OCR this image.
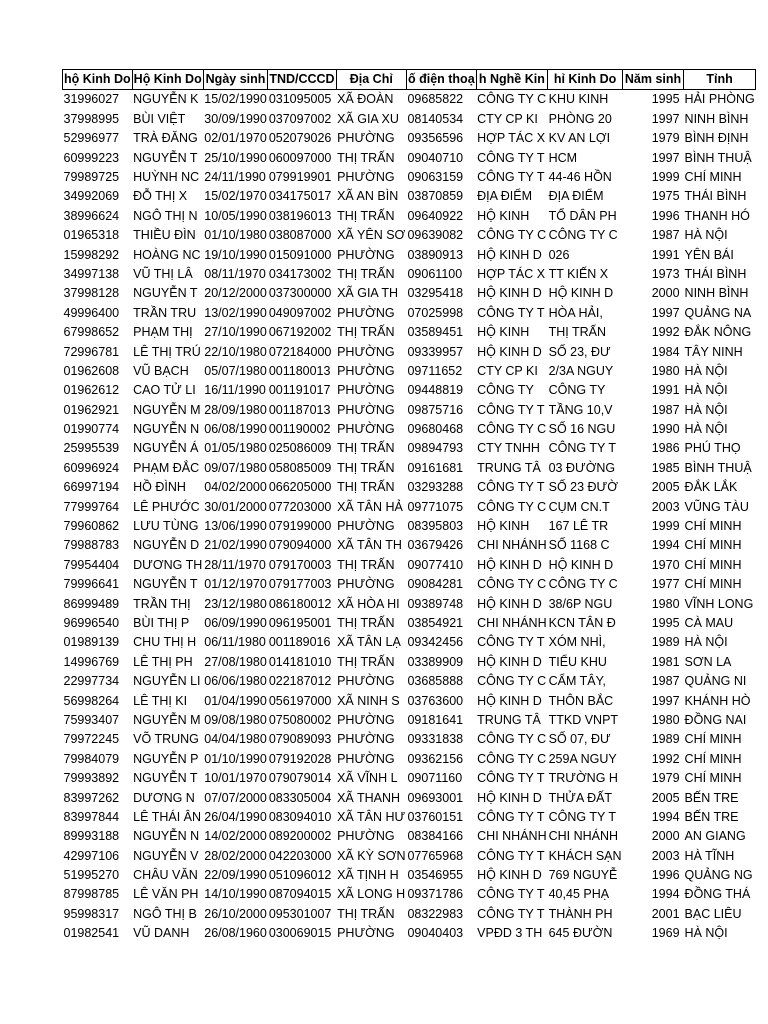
hộ Kinh Do	Hộ Kinh Do	Ngày sinh	TND/CCCD	Địa Chỉ	ố điện thoạ	h Nghề Kin	hỉ Kinh Do	Năm sinh	Tỉnh
31996027	NGUYỄN K	15/02/1990	031095005	XÃ ĐOÀN	09685822	CÔNG TY C	KHU KINH	1995	HẢI PHÒNG
37998995	BÙI VIỆT	30/09/1990	037097002	XÃ GIA XU	08140534	CTY CP KI	PHÒNG 20	1997	NINH BÌNH
52996977	TRÀ ĐĂNG	02/01/1970	052079026	PHƯỜNG	09356596	HỢP TÁC X	KV AN LỢI	1979	BÌNH ĐỊNH
60999223	NGUYỄN T	25/10/1990	060097000	THỊ TRẤN	09040710	CÔNG TY T	HCM	1997	BÌNH THUẬ
79989725	HUỲNH NC	24/11/1990	079919901	PHƯỜNG	09063159	CÔNG TY T	44-46 HỒN	1999	CHÍ MINH
34992069	ĐỖ THỊ X	15/02/1970	034175017	XÃ AN BÌN	03870859	ĐỊA ĐIỂM	ĐỊA ĐIỂM	1975	THÁI BÌNH
38996624	NGÔ THỊ N	10/05/1990	038196013	THỊ TRẤN	09640922	HỘ KINH	TỔ DÂN PH	1996	THANH HÓ
01965318	THIỀU ĐÌN	01/10/1980	038087000	XÃ YÊN SƠ	09639082	CÔNG TY C	CÔNG TY C	1987	HÀ NỘI
15998292	HOÀNG NC	19/10/1990	015091000	PHƯỜNG	03890913	HỘ KINH D	026	1991	YÊN BÁI
34997138	VŨ THỊ LÂ	08/11/1970	034173002	THỊ TRẤN	09061100	HỢP TÁC X	TT KIẾN X	1973	THÁI BÌNH
37998128	NGUYỄN T	20/12/2000	037300000	XÃ GIA TH	03295418	HỘ KINH D	HỘ KINH D	2000	NINH BÌNH
49996400	TRẦN TRU	13/02/1990	049097002	PHƯỜNG	07025998	CÔNG TY T	HÒA HẢI,	1997	QUẢNG NA
67998652	PHẠM THỊ	27/10/1990	067192002	THỊ TRẤN	03589451	HỘ KINH	THỊ TRẤN	1992	ĐẮK NÔNG
72996781	LÊ THỊ TRÚ	22/10/1980	072184000	PHƯỜNG	09339957	HỘ KINH D	SỐ 23, ĐƯ	1984	TÂY NINH
01962608	VŨ BẠCH	05/07/1980	001180013	PHƯỜNG	09711652	CTY CP KI	2/3A NGUY	1980	HÀ NỘI
01962612	CAO TỬ LI	16/11/1990	001191017	PHƯỜNG	09448819	CÔNG TY	CÔNG TY	1991	HÀ NỘI
01962921	NGUYỄN M	28/09/1980	001187013	PHƯỜNG	09875716	CÔNG TY T	TẦNG 10,V	1987	HÀ NỘI
01990774	NGUYỄN N	06/08/1990	001190002	PHƯỜNG	09680468	CÔNG TY C	SỐ 16 NGU	1990	HÀ NỘI
25995539	NGUYỄN Á	01/05/1980	025086009	THỊ TRẤN	09894793	CTY TNHH	CÔNG TY T	1986	PHÚ THỌ
60996924	PHẠM ĐẮC	09/07/1980	058085009	THỊ TRẤN	09161681	TRUNG TÂ	03 ĐƯỜNG	1985	BÌNH THUẬ
66997194	HỒ ĐÌNH	04/02/2000	066205000	THỊ TRẤN	03293288	CÔNG TY T	SỐ 23 ĐƯỜ	2005	ĐẮK LẮK
77999764	LÊ PHƯỚC	30/01/2000	077203000	XÃ TÂN HẢ	09771075	CÔNG TY C	CỤM CN.T	2003	VŨNG TÀU
79960862	LƯU TÙNG	13/06/1990	079199000	PHƯỜNG	08395803	HỘ KINH	167 LÊ TR	1999	CHÍ MINH
79988783	NGUYỄN D	21/02/1990	079094000	XÃ TÂN TH	03679426	CHI NHÁNH	SỐ 1168 C	1994	CHÍ MINH
79954404	DƯƠNG TH	28/11/1970	079170003	THỊ TRẤN	09077410	HỘ KINH D	HỘ KINH D	1970	CHÍ MINH
79996641	NGUYỄN T	01/12/1970	079177003	PHƯỜNG	09084281	CÔNG TY C	CÔNG TY C	1977	CHÍ MINH
86999489	TRẦN THỊ	23/12/1980	086180012	XÃ HÒA HI	09389748	HỘ KINH D	38/6P NGU	1980	VĨNH LONG
96996540	BÙI THỊ P	06/09/1990	096195001	THỊ TRẤN	03854921	CHI NHÁNH	KCN TÂN Đ	1995	CÀ MAU
01989139	CHU THỊ H	06/11/1980	001189016	XÃ TÂN LẠ	09342456	CÔNG TY T	XÓM NHÌ,	1989	HÀ NỘI
14996769	LÊ THỊ PH	27/08/1980	014181010	THỊ TRẤN	03389909	HỘ KINH D	TIỂU KHU	1981	SƠN LA
22997734	NGUYỄN LI	06/06/1980	022187012	PHƯỜNG	03685888	CÔNG TY C	CẨM TÂY,	1987	QUẢNG NI
56998264	LÊ THỊ KI	01/04/1990	056197000	XÃ NINH S	03763600	HỘ KINH D	THÔN BẮC	1997	KHÁNH HÒ
75993407	NGUYỄN M	09/08/1980	075080002	PHƯỜNG	09181641	TRUNG TÂ	TTKD VNPT	1980	ĐỒNG NAI
79972245	VÕ TRUNG	04/04/1980	079089093	PHƯỜNG	09331838	CÔNG TY C	SỐ 07, ĐƯ	1989	CHÍ MINH
79984079	NGUYỄN P	01/10/1990	079192028	PHƯỜNG	09362156	CÔNG TY C	259A NGUY	1992	CHÍ MINH
79993892	NGUYỄN T	10/01/1970	079079014	XÃ VĨNH L	09071160	CÔNG TY T	TRƯỜNG H	1979	CHÍ MINH
83997262	DƯƠNG N	07/07/2000	083305004	XÃ THANH	09693001	HỘ KINH D	THỬA ĐẤT	2005	BẾN TRE
83997844	LÊ THÁI ÂN	26/04/1990	083094010	XÃ TÂN HƯ	03760151	CÔNG TY T	CÔNG TY T	1994	BẾN TRE
89993188	NGUYỄN N	14/02/2000	089200002	PHƯỜNG	08384166	CHI NHÁNH	CHI NHÁNH	2000	AN GIANG
42997106	NGUYỄN V	28/02/2000	042203000	XÃ KỲ SƠN	07765968	CÔNG TY T	KHÁCH SẠN	2003	HÀ TĨNH
51995270	CHÂU VĂN	22/09/1990	051096012	XÃ TỊNH H	03546955	HỘ KINH D	769 NGUYỄ	1996	QUẢNG NG
87998785	LÊ VĂN PH	14/10/1990	087094015	XÃ LONG H	09371786	CÔNG TY T	40,45 PHẠ	1994	ĐỒNG THÁ
95998317	NGÔ THỊ B	26/10/2000	095301007	THỊ TRẤN	08322983	CÔNG TY T	THÀNH PH	2001	BẠC LIÊU
01982541	VŨ DANH	26/08/1960	030069015	PHƯỜNG	09040403	VPĐD 3 TH	645 ĐƯỜN	1969	HÀ NỘI
